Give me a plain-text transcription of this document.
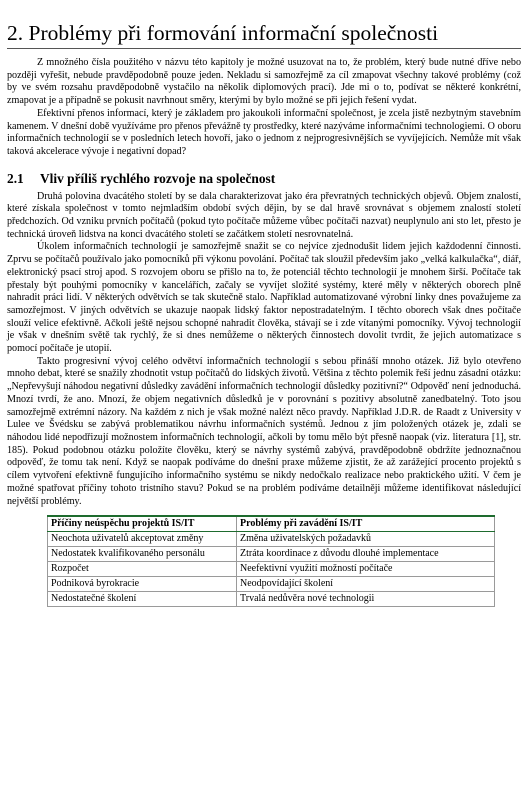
2. Problémy při formování informační společnosti

Z množného čísla použitého v názvu této kapitoly je možné usuzovat na to, že problém, který bude nutné dříve nebo později vyřešit, nebude pravděpodobně pouze jeden. Nekladu si samozřejmě za cíl zmapovat všechny takové problémy (což by ve svém rozsahu pravděpodobně vystačilo na několik diplomových prací). Jde mi o to, podívat se některé konkrétní, zmapovat je a případně se pokusit navrhnout směry, kterými by bylo možné se při jejich řešení vydat.

Efektivní přenos informací, který je základem pro jakoukoli informační společnost, je zcela jistě nezbytným stavebním kamenem. V dnešní době využíváme pro přenos převážně ty prostředky, které nazýváme informačními technologiemi. O oboru informačních technologií se v posledních letech hovoří, jako o jednom z nejprogresivnějších se vyvíjejících. Nemůže mít však taková akcelerace vývoje i negativní dopad?

2.1 Vliv příliš rychlého rozvoje na společnost

Druhá polovina dvacátého století by se dala charakterizovat jako éra převratných technických objevů. Objem znalostí, které získala společnost v tomto nejmladším období svých dějin, by se dal hravě srovnávat s objemem znalostí století předchozích. Od vzniku prvních počítačů (pokud tyto počítače můžeme vůbec počítači nazvat) neuplynulo ani sto let, přesto je technická úroveň lidstva na konci dvacátého století se začátkem století nesrovnatelná.

Úkolem informačních technologií je samozřejmě snažit se co nejvíce zjednodušit lidem jejich každodenní činnosti. Zprvu se počítačů používalo jako pomocníků při výkonu povolání. Počítač tak sloužil především jako „velká kalkulačka“, diář, elektronický psací stroj apod. S rozvojem oboru se přišlo na to, že potenciál těchto technologií je mnohem širší. Počítače tak přestaly být pouhými pomocníky v kancelářích, začaly se vyvíjet složité systémy, které měly v některých oborech plně nahradit práci lidí. V některých odvětvích se tak skutečně stalo. Například automatizované výrobní linky dnes považujeme za samozřejmost. V jiných odvětvích se ukazuje naopak lidský faktor nepostradatelným. I těchto oborech však dnes počítače slouží velice efektivně. Ačkoli ještě nejsou schopné nahradit člověka, stávají se i zde vítanými pomocníky. Vývoj technologií je však v dnešním světě tak rychlý, že si dnes nemůžeme o některých činnostech dovolit tvrdit, že jejich automatizace s pomocí počítače je utopií.

Takto progresivní vývoj celého odvětví informačních technologií s sebou přináší mnoho otázek. Již bylo otevřeno mnoho debat, které se snažily zhodnotit vstup počítačů do lidských životů. Většina z těchto polemik řeší jednu zásadní otázku: „Nepřevyšují náhodou negativní důsledky zavádění informačních technologií důsledky pozitivní?“ Odpověď není jednoduchá. Mnozí tvrdí, že ano. Mnozí, že objem negativních důsledků je v porovnání s pozitivy absolutně zanedbatelný. Toto jsou samozřejmě extrémní názory. Na každém z nich je však možné nalézt něco pravdy. Například J.D.R. de Raadt z University v Lulee ve Švédsku se zabývá problematikou návrhu informačních systémů. Jednou z jím položených otázek je, zdali se náhodou lidé nepodřizují možnostem informačních technologií, ačkoli by tomu mělo být přesně naopak (viz. literatura [1], str. 185). Pokud podobnou otázku položíte člověku, který se návrhy systémů zabývá, pravděpodobně obdržíte jednoznačnou odpověď, že tomu tak není. Když se naopak podíváme do dnešní praxe můžeme zjistit, že až zarážející procento projektů s cílem vytvoření efektivně fungujícího informačního systému se nikdy nedočkalo realizace nebo praktického užití. V čem je možné spatřovat příčiny tohoto tristního stavu? Pokud se na problém podíváme detailněji můžeme identifikovat následující největší problémy.

Příčiny neúspěchu projektů IS/IT	Problémy při zavádění IS/IT
Neochota uživatelů akceptovat změny	Změna uživatelských požadavků
Nedostatek kvalifikovaného personálu	Ztráta koordinace z důvodu dlouhé implementace
Rozpočet	Neefektivní využití možností počítače
Podniková byrokracie	Neodpovídající školení
Nedostatečné školení	Trvalá nedůvěra nové technologii
